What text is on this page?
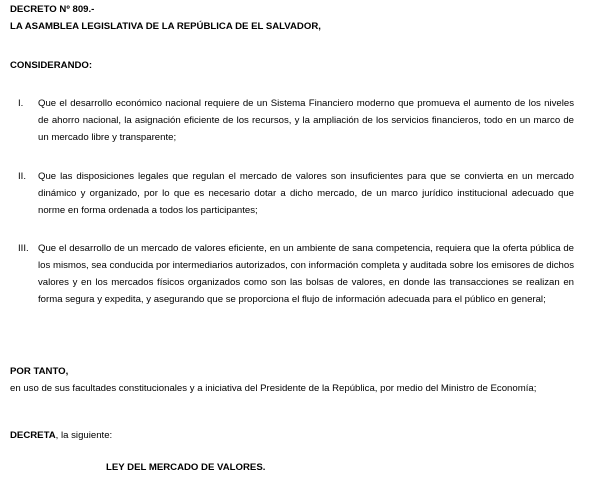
DECRETO Nº 809.-
LA ASAMBLEA LEGISLATIVA DE LA REPÚBLICA DE EL SALVADOR,
CONSIDERANDO:
I. Que el desarrollo económico nacional requiere de un Sistema Financiero moderno que promueva el aumento de los niveles de ahorro nacional, la asignación eficiente de los recursos, y la ampliación de los servicios financieros, todo en un marco de un mercado libre y transparente;
II. Que las disposiciones legales que regulan el mercado de valores son insuficientes para que se convierta en un mercado dinámico y organizado, por lo que es necesario dotar a dicho mercado, de un marco jurídico institucional adecuado que norme en forma ordenada a todos los participantes;
III. Que el desarrollo de un mercado de valores eficiente, en un ambiente de sana competencia, requiera que la oferta pública de los mismos, sea conducida por intermediarios autorizados, con información completa y auditada sobre los emisores de dichos valores y en los mercados físicos organizados como son las bolsas de valores, en donde las transacciones se realizan en forma segura y expedita, y asegurando que se proporciona el flujo de información adecuada para el público en general;
POR TANTO,
en uso de sus facultades constitucionales y a iniciativa del Presidente de la República, por medio del Ministro de Economía;
DECRETA, la siguiente:
LEY DEL MERCADO DE VALORES.
